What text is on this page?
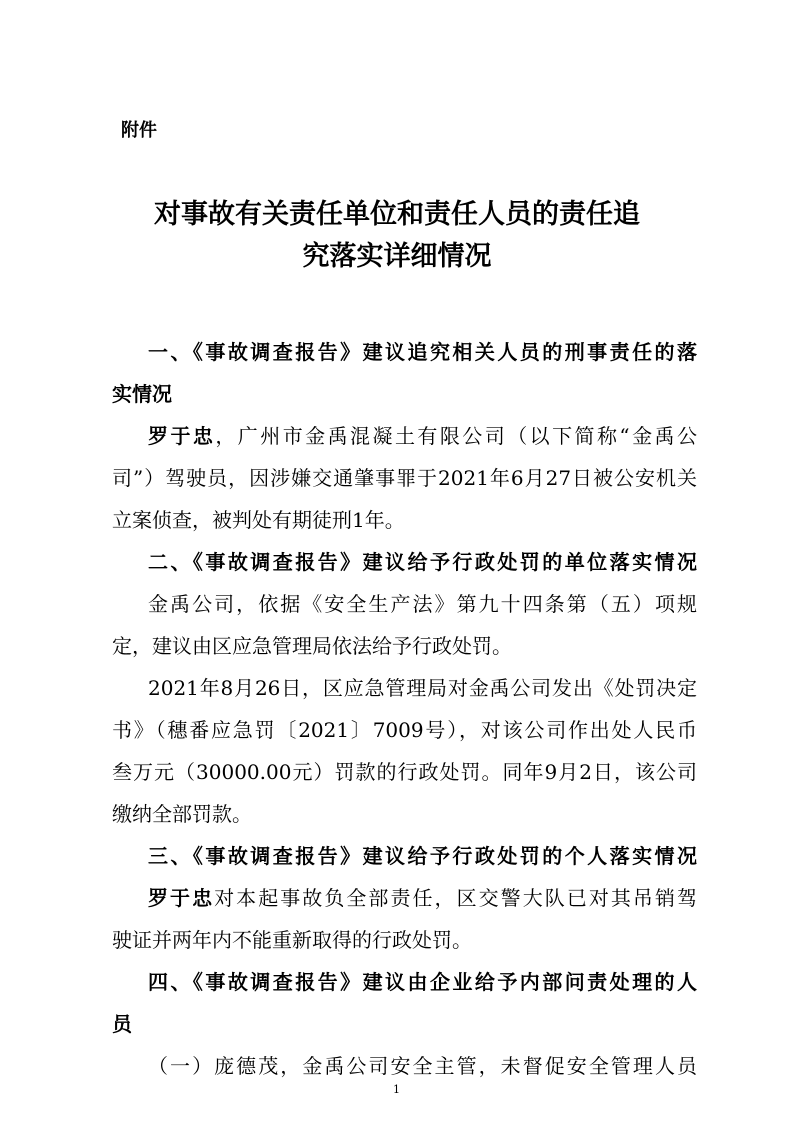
附件
对事故有关责任单位和责任人员的责任追
究落实详细情况
一、《事故调查报告》建议追究相关人员的刑事责任的落
实情况
罗于忠，广州市金禹混凝土有限公司（以下简称“金禹公
司”）驾驶员，因涉嫌交通肇事罪于2021年6月27日被公安机关
立案侦查，被判处有期徒刑1年。
二、《事故调查报告》建议给予行政处罚的单位落实情况
金禹公司，依据《安全生产法》第九十四条第（五）项规
定，建议由区应急管理局依法给予行政处罚。
2021年8月26日，区应急管理局对金禹公司发出《处罚决定
书》（穗番应急罚〔2021〕7009号），对该公司作出处人民币
叁万元（30000.00元）罚款的行政处罚。同年9月2日，该公司
缴纳全部罚款。
三、《事故调查报告》建议给予行政处罚的个人落实情况
罗于忠对本起事故负全部责任，区交警大队已对其吊销驾
驶证并两年内不能重新取得的行政处罚。
四、《事故调查报告》建议由企业给予内部问责处理的人
员
（一）庞德茂，金禹公司安全主管，未督促安全管理人员
1
